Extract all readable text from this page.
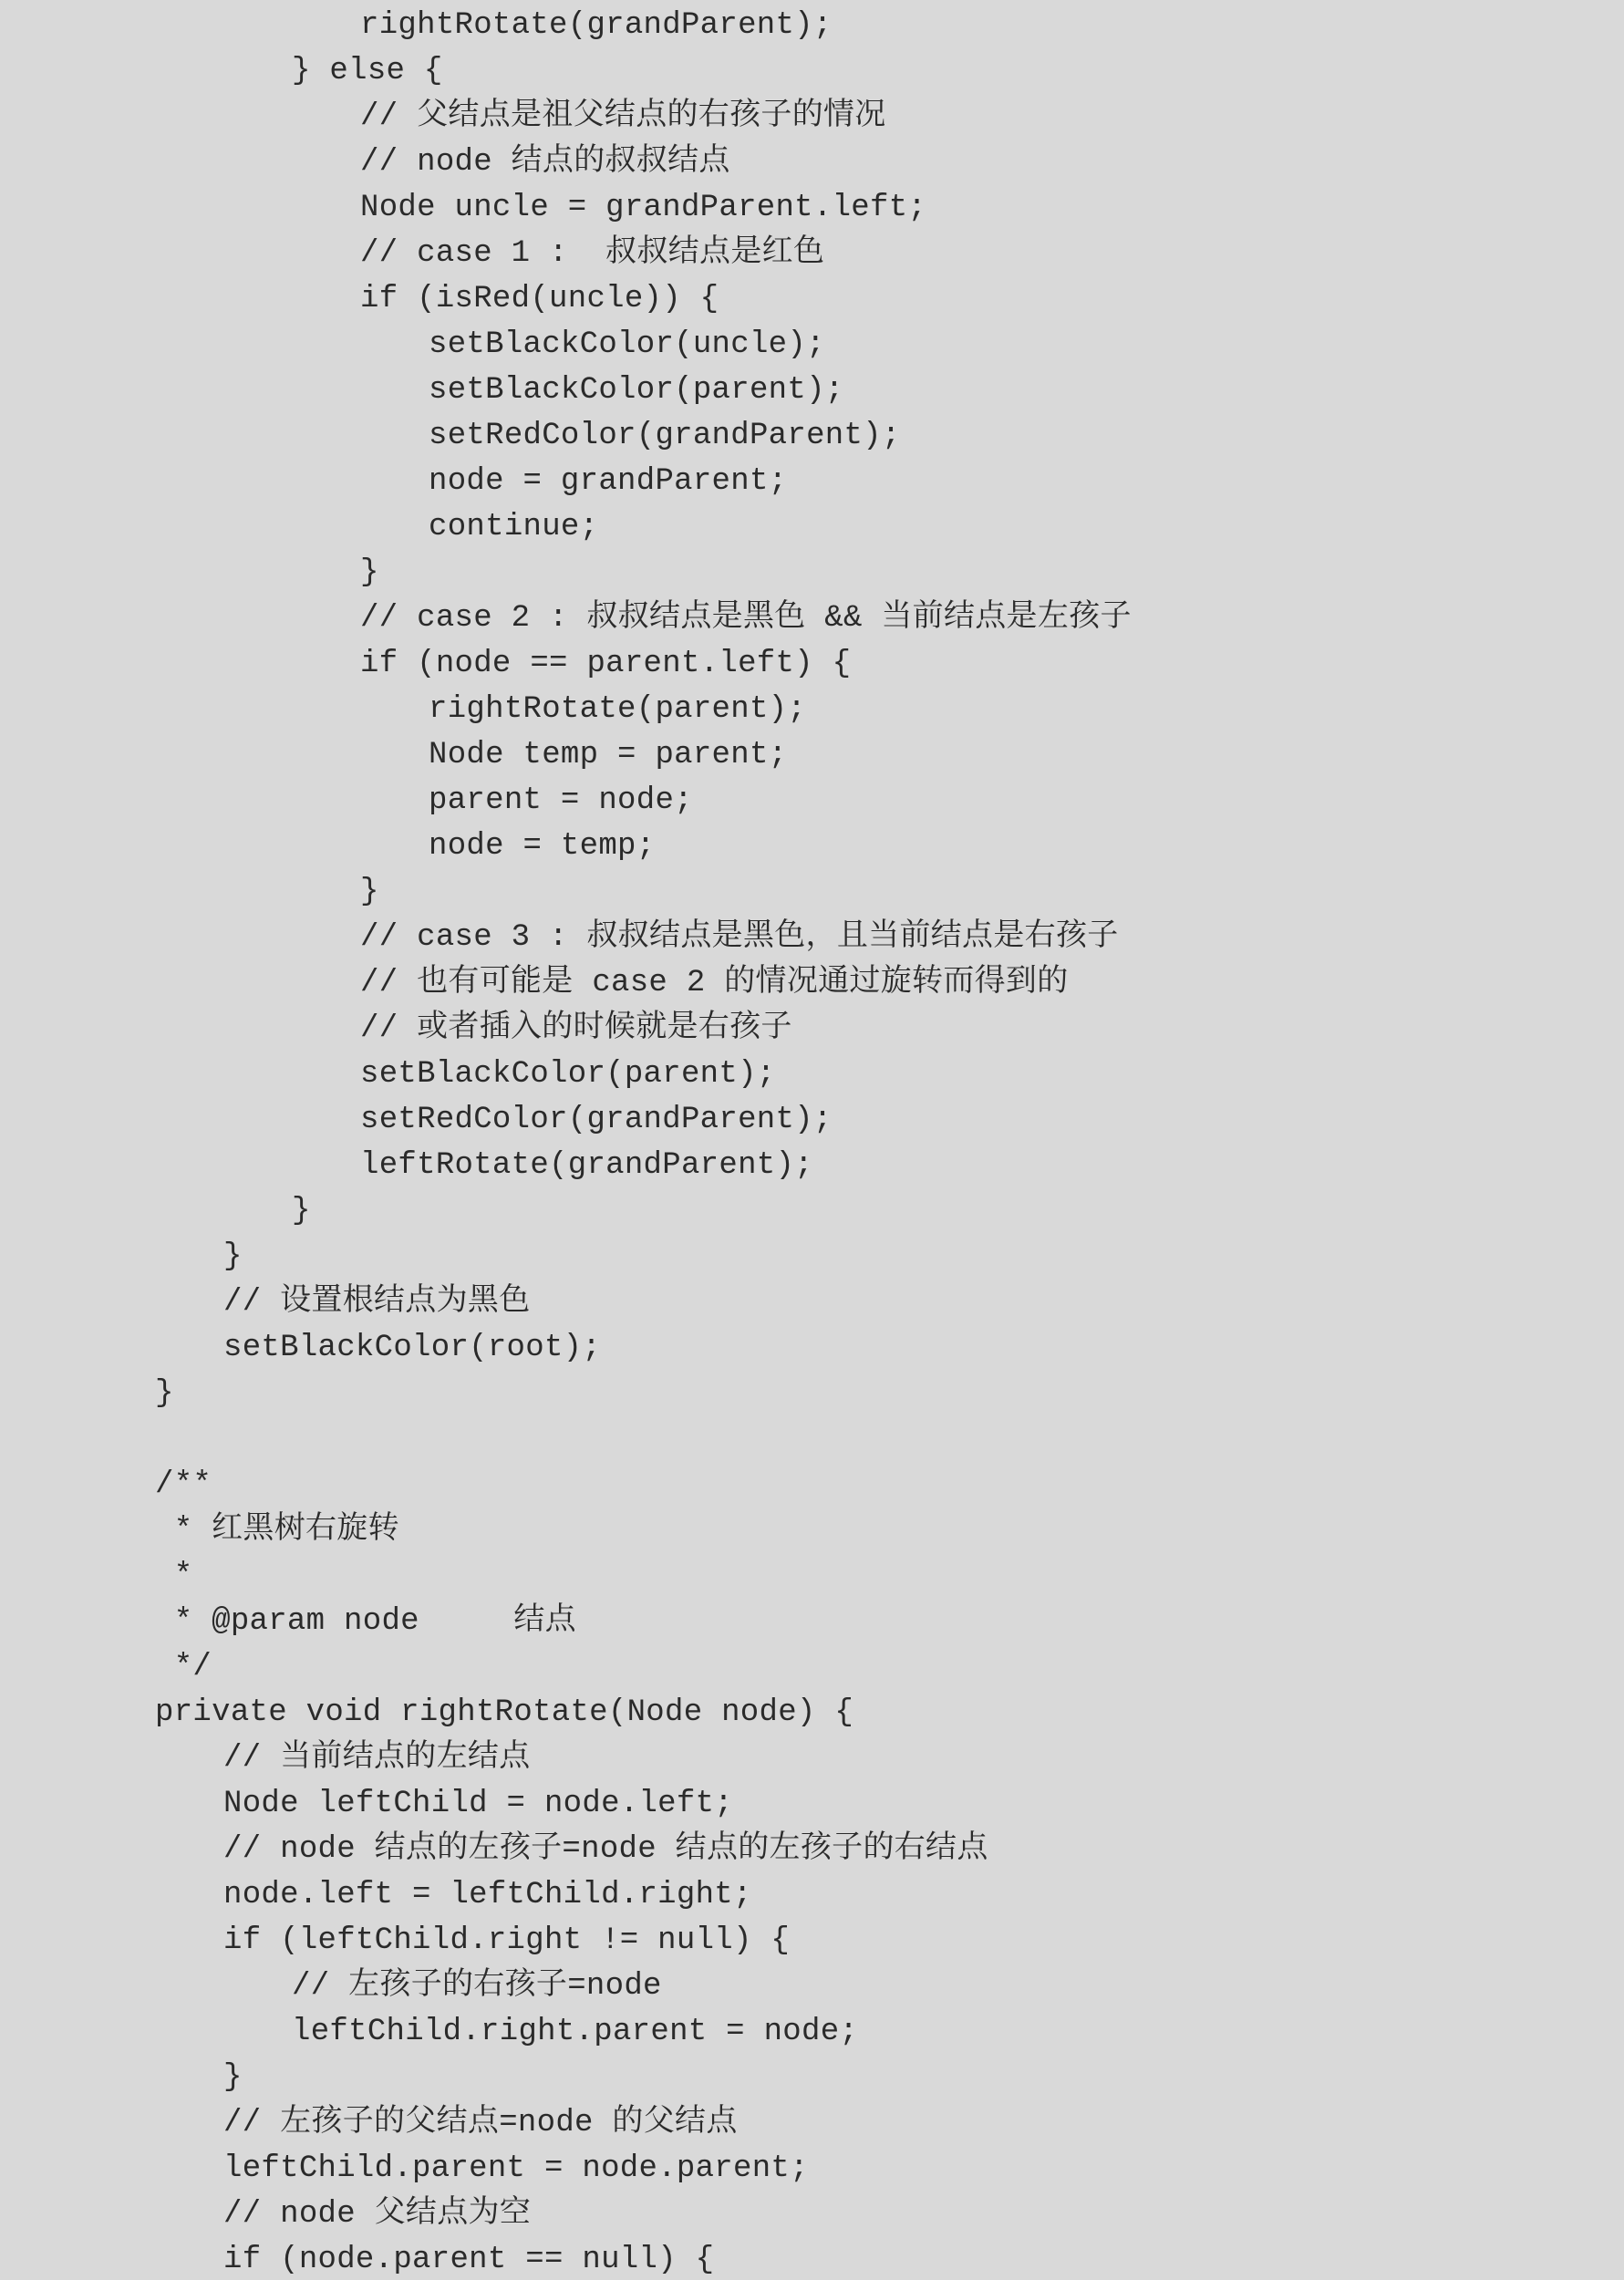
rightRotate(grandParent);
} else {
// 父结点是祖父结点的右孩子的情况
// node 结点的叔叔结点
Node uncle = grandParent.left;
// case 1 :  叔叔结点是红色
if (isRed(uncle)) {
setBlackColor(uncle);
setBlackColor(parent);
setRedColor(grandParent);
node = grandParent;
continue;
}
// case 2 : 叔叔结点是黑色 && 当前结点是左孩子
if (node == parent.left) {
rightRotate(parent);
Node temp = parent;
parent = node;
node = temp;
}
// case 3 : 叔叔结点是黑色，且当前结点是右孩子
// 也有可能是 case 2 的情况通过旋转而得到的
// 或者插入的时候就是右孩子
setBlackColor(parent);
setRedColor(grandParent);
leftRotate(grandParent);
}
}
// 设置根结点为黑色
setBlackColor(root);
}
/**
* 红黑树右旋转
*
* @param node     结点
*/
private void rightRotate(Node node) {
// 当前结点的左结点
Node leftChild = node.left;
// node 结点的左孩子=node 结点的左孩子的右结点
node.left = leftChild.right;
if (leftChild.right != null) {
// 左孩子的右孩子=node
leftChild.right.parent = node;
}
// 左孩子的父结点=node 的父结点
leftChild.parent = node.parent;
// node 父结点为空
if (node.parent == null) {
